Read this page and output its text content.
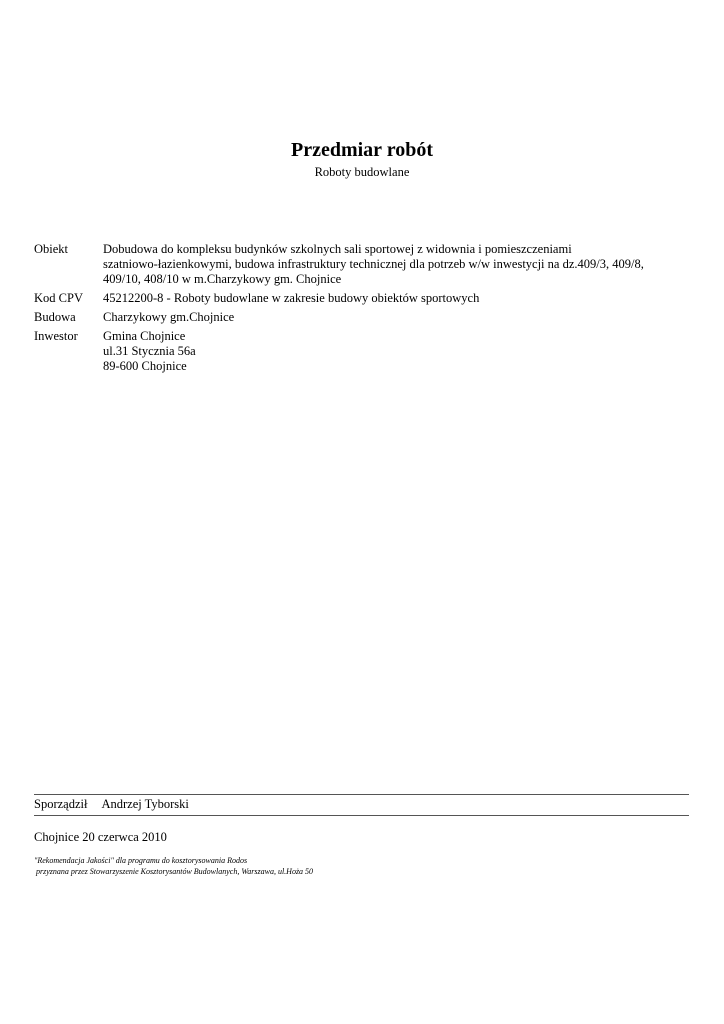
Przedmiar robót
Roboty budowlane
Obiekt	Dobudowa do kompleksu budynków szkolnych sali sportowej z widownia i pomieszczeniami
szatniowo-łazienkowymi, budowa infrastruktury technicznej dla potrzeb w/w inwestycji na dz.409/3, 409/8,
409/10, 408/10 w m.Charzykowy gm. Chojnice
Kod CPV	45212200-8 - Roboty budowlane w zakresie budowy obiektów sportowych
Budowa	Charzykowy gm.Chojnice
Inwestor	Gmina Chojnice
ul.31 Stycznia 56a
89-600 Chojnice
Sporządził Andrzej Tyborski
Chojnice 20 czerwca 2010
"Rekomendacja Jakości" dla programu do kosztorysowania Rodos
przyznana przez Stowarzyszenie Kosztorysantów Budowlanych, Warszawa, ul.Hoża 50
